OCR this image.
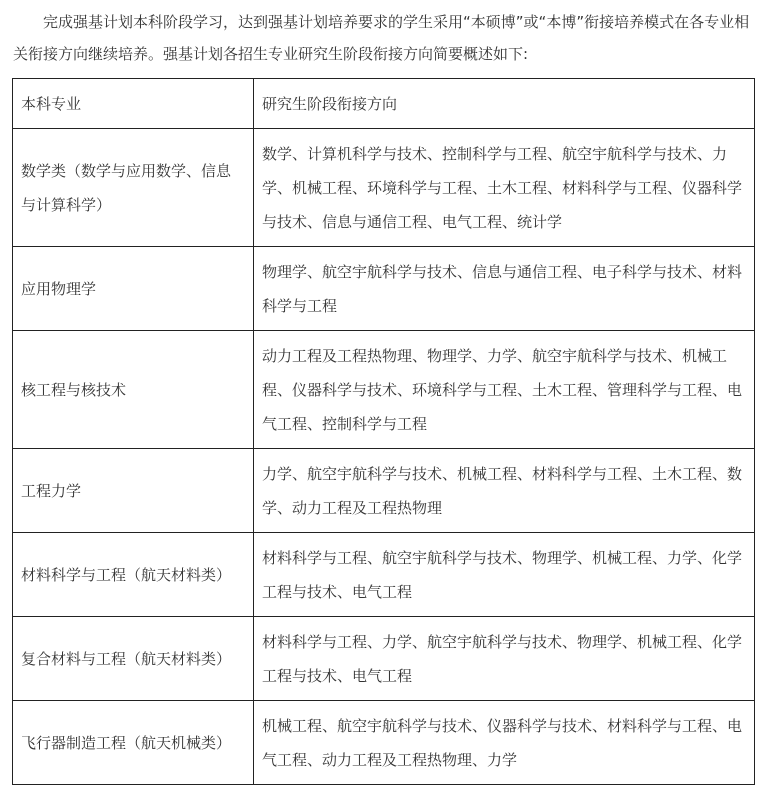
完成强基计划本科阶段学习，达到强基计划培养要求的学生采用“本硕博”或“本博”衔接培养模式在各专业相关衔接方向继续培养。强基计划各招生专业研究生阶段衔接方向简要概述如下:

本科专业	研究生阶段衔接方向
数学类（数学与应用数学、信息与计算科学）	数学、计算机科学与技术、控制科学与工程、航空宇航科学与技术、力学、机械工程、环境科学与工程、土木工程、材料科学与工程、仪器科学与技术、信息与通信工程、电气工程、统计学
应用物理学	物理学、航空宇航科学与技术、信息与通信工程、电子科学与技术、材料科学与工程
核工程与核技术	动力工程及工程热物理、物理学、力学、航空宇航科学与技术、机械工程、仪器科学与技术、环境科学与工程、土木工程、管理科学与工程、电气工程、控制科学与工程
工程力学	力学、航空宇航科学与技术、机械工程、材料科学与工程、土木工程、数学、动力工程及工程热物理
材料科学与工程（航天材料类）	材料科学与工程、航空宇航科学与技术、物理学、机械工程、力学、化学工程与技术、电气工程
复合材料与工程（航天材料类）	材料科学与工程、力学、航空宇航科学与技术、物理学、机械工程、化学工程与技术、电气工程
飞行器制造工程（航天机械类）	机械工程、航空宇航科学与技术、仪器科学与技术、材料科学与工程、电气工程、动力工程及工程热物理、力学
